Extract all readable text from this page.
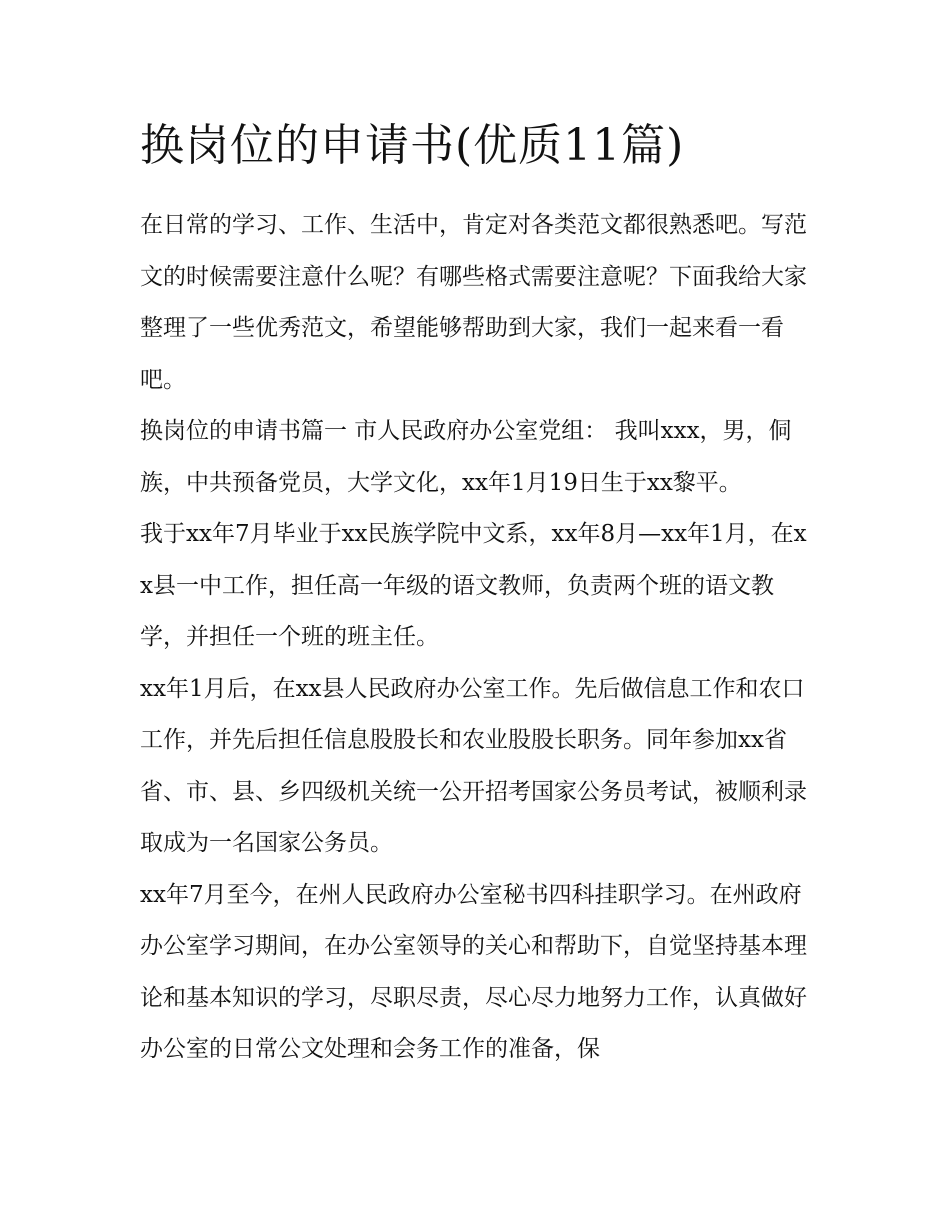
换岗位的申请书(优质11篇)

在日常的学习、工作、生活中，肯定对各类范文都很熟悉吧。写范文的时候需要注意什么呢？有哪些格式需要注意呢？下面我给大家整理了一些优秀范文，希望能够帮助到大家，我们一起来看一看吧。

换岗位的申请书篇一 市人民政府办公室党组： 我叫xxx，男，侗族，中共预备党员，大学文化，xx年1月19日生于xx黎平。

我于xx年7月毕业于xx民族学院中文系，xx年8月—xx年1月，在xx县一中工作，担任高一年级的语文教师，负责两个班的语文教学，并担任一个班的班主任。

xx年1月后，在xx县人民政府办公室工作。先后做信息工作和农口工作，并先后担任信息股股长和农业股股长职务。同年参加xx省省、市、县、乡四级机关统一公开招考国家公务员考试，被顺利录取成为一名国家公务员。

xx年7月至今，在州人民政府办公室秘书四科挂职学习。在州政府办公室学习期间，在办公室领导的关心和帮助下，自觉坚持基本理论和基本知识的学习，尽职尽责，尽心尽力地努力工作，认真做好办公室的日常公文处理和会务工作的准备，保
